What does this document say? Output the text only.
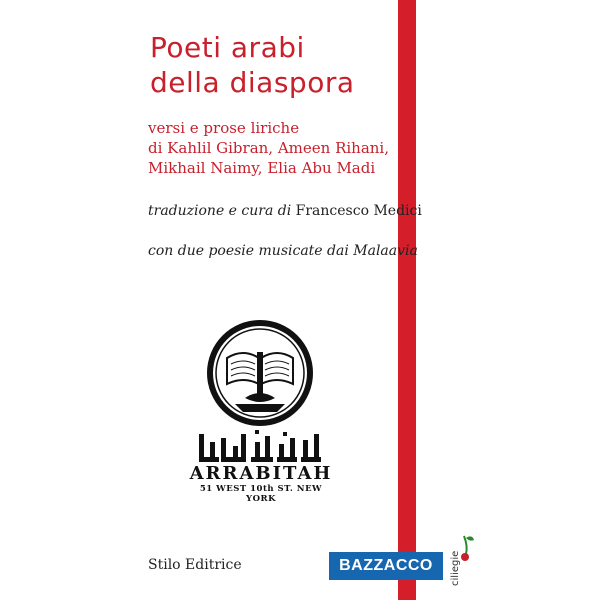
Poeti arabi
della diaspora

versi e prose liriche
di Kahlil Gibran, Ameen Rihani,
Mikhail Naimy, Elia Abu Madi

traduzione e cura di Francesco Medici

con due poesie musicate dai Malaavia

ARRABITAH
51 WEST 10th ST. NEW YORK

Stilo Editrice	BAZZACCO	ciliegie
